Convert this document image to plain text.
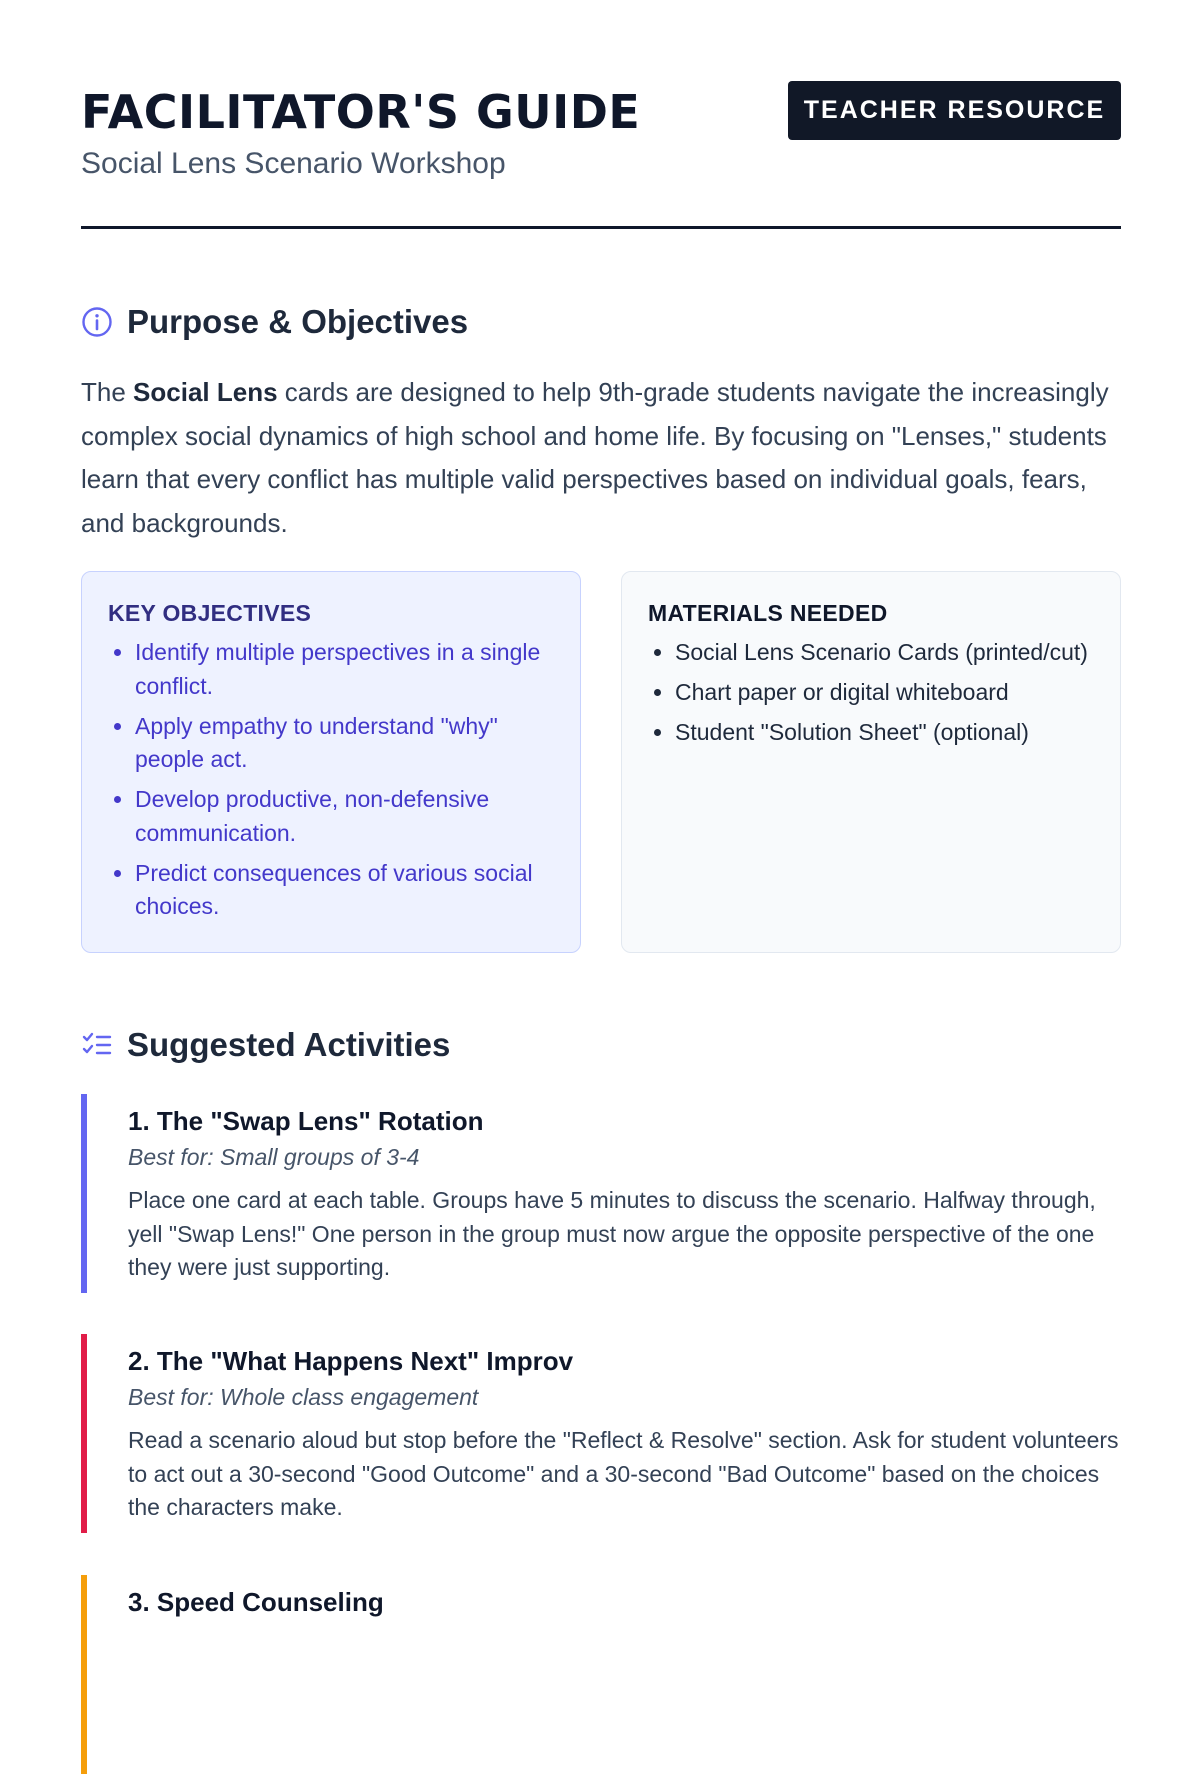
FACILITATOR'S GUIDE
Social Lens Scenario Workshop
TEACHER RESOURCE
Purpose & Objectives

The Social Lens cards are designed to help 9th-grade students navigate the increasingly complex social dynamics of high school and home life. By focusing on "Lenses," students learn that every conflict has multiple valid perspectives based on individual goals, fears, and backgrounds.

KEY OBJECTIVES
• Identify multiple perspectives in a single conflict.
• Apply empathy to understand "why" people act.
• Develop productive, non-defensive communication.
• Predict consequences of various social choices.
MATERIALS NEEDED
• Social Lens Scenario Cards (printed/cut)
• Chart paper or digital whiteboard
• Student "Solution Sheet" (optional)
Suggested Activities
1. The "Swap Lens" Rotation

Best for: Small groups of 3-4

Place one card at each table. Groups have 5 minutes to discuss the scenario. Halfway through, yell "Swap Lens!" One person in the group must now argue the opposite perspective of the one they were just supporting.

2. The "What Happens Next" Improv

Best for: Whole class engagement

Read a scenario aloud but stop before the "Reflect & Resolve" section. Ask for student volunteers to act out a 30-second "Good Outcome" and a 30-second "Bad Outcome" based on the choices the characters make.

3. Speed Counseling
